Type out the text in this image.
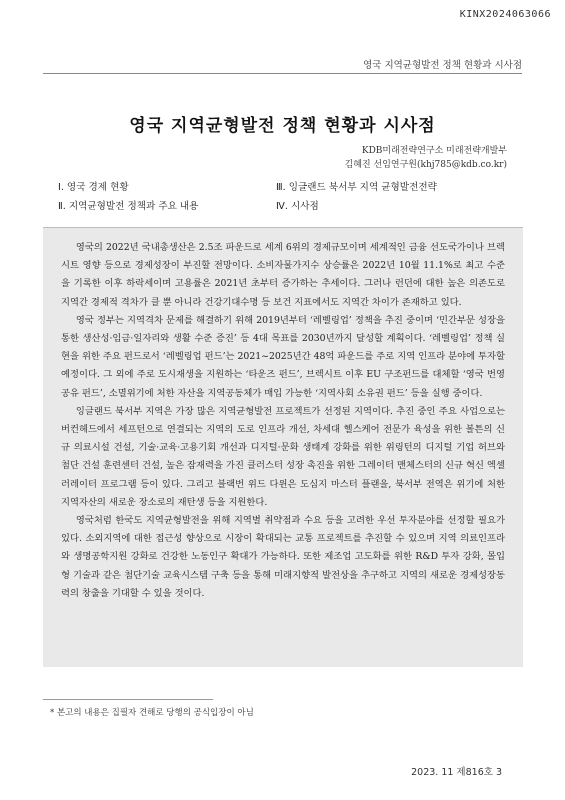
KINX2024063066
영국 지역균형발전 정책 현황과 시사점
영국 지역균형발전 정책 현황과 시사점
KDB미래전략연구소 미래전략개발부
김혜진 선임연구원(khj785@kdb.co.kr)
Ⅰ. 영국 경제 현황
Ⅱ. 지역균형발전 정책과 주요 내용
Ⅲ. 잉글랜드 북서부 지역 균형발전전략
Ⅳ. 시사점

영국의 2022년 국내총생산은 2.5조 파운드로 세계 6위의 경제규모이며 세계적인 금융 선도국가이나 브렉시트 영향 등으로 경제성장이 부진할 전망이다. 소비자물가지수 상승률은 2022년 10월 11.1%로 최고 수준을 기록한 이후 하락세이며 고용률은 2021년 초부터 증가하는 추세이다. 그러나 런던에 대한 높은 의존도로 지역간 경제적 격차가 클 뿐 아니라 건강기대수명 등 보건 지표에서도 지역간 차이가 존재하고 있다.

영국 정부는 지역격차 문제를 해결하기 위해 2019년부터 ‘레벨링업’ 정책을 추진 중이며 ‘민간부문 성장을 통한 생산성·임금·일자리와 생활 수준 증진’ 등 4대 목표를 2030년까지 달성할 계획이다. ‘레벨링업’ 정책 실현을 위한 주요 펀드로서 ‘레벨링업 펀드’는 2021~2025년간 48억 파운드를 주로 지역 인프라 분야에 투자할 예정이다. 그 외에 주로 도시재생을 지원하는 ‘타운즈 펀드’, 브렉시트 이후 EU 구조펀드를 대체할 ‘영국 번영공유 펀드’, 소멸위기에 처한 자산을 지역공동체가 매입 가능한 ‘지역사회 소유권 펀드’ 등을 실행 중이다.

잉글랜드 북서부 지역은 가장 많은 지역균형발전 프로젝트가 선정된 지역이다. 추진 중인 주요 사업으로는 버컨헤드에서 세프턴으로 연결되는 지역의 도로 인프라 개선, 차세대 헬스케어 전문가 육성을 위한 볼튼의 신규 의료시설 건설, 기술·교육·고용기회 개선과 디지털·문화 생태계 강화를 위한 위링턴의 디지털 기업 허브와 첨단 건설 훈련센터 건설, 높은 잠재력을 가진 클러스터 성장 촉진을 위한 그레이터 맨체스터의 신규 혁신 엑셀러레이터 프로그램 등이 있다. 그리고 블랙번 위드 다윈은 도심지 마스터 플랜을, 북서부 전역은 위기에 처한 지역자산의 새로운 장소로의 재탄생 등을 지원한다.

영국처럼 한국도 지역균형발전을 위해 지역별 취약점과 수요 등을 고려한 우선 투자분야를 선정할 필요가 있다. 소외지역에 대한 접근성 향상으로 시장이 확대되는 교통 프로젝트를 추진할 수 있으며 지역 의료인프라와 생명공학지원 강화로 건강한 노동인구 확대가 가능하다. 또한 제조업 고도화를 위한 R&D 투자 강화, 몰입형 기술과 같은 첨단기술 교육시스템 구축 등을 통해 미래지향적 발전상을 추구하고 지역의 새로운 경제성장동력의 창출을 기대할 수 있을 것이다.

* 본고의 내용은 집필자 견해로 당행의 공식입장이 아님
2023. 11 제816호 3
